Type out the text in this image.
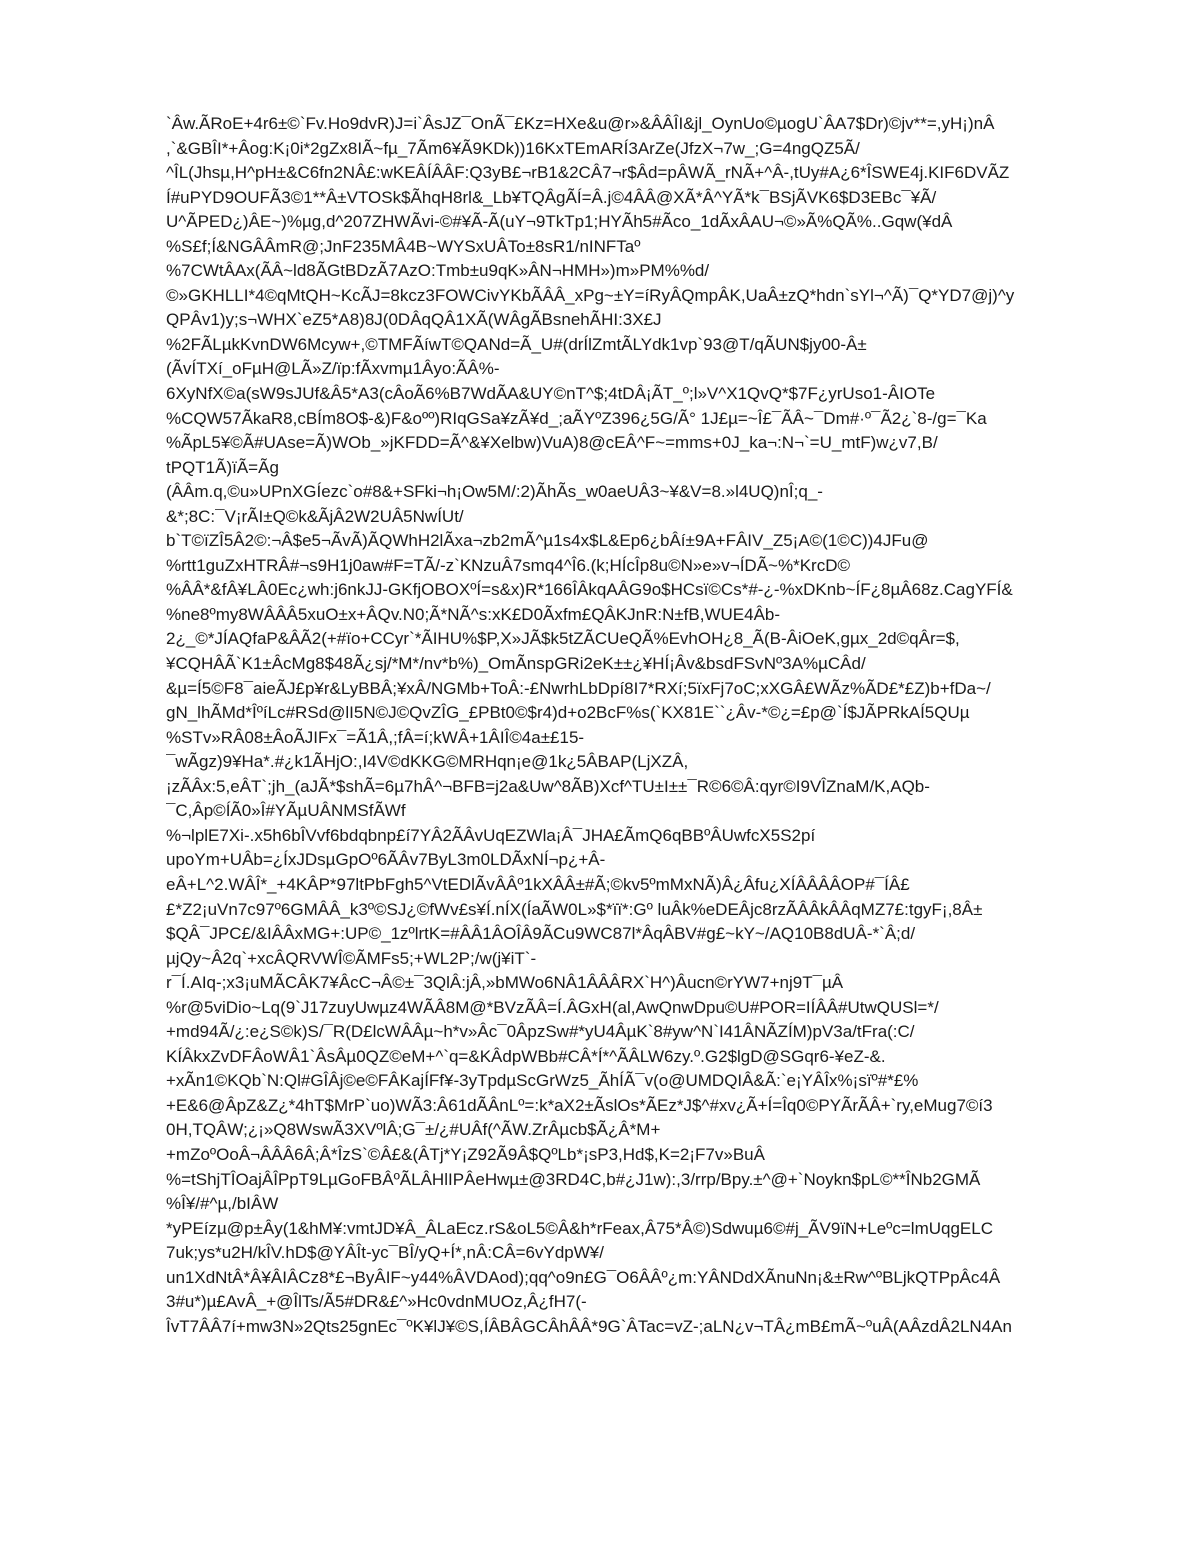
`Âw.ÃRoE+4r6±©`Fv.Ho9dvR)J=i`ÂsJZ¯OnÃ¯£Kz=HXe&u@r»&ÂÂÎI&jl_OynUo©µogU`ÂA7$Dr)©jv**=,yH¡)nÂ
,`&GBÎI*+Âog:K¡0i*2gZx8IÃ~fµ_7Ãm6¥Ã9KDk))16KxTEmARÍ3ArZe(JfzX¬7w_;G=4ngQZ5Ã/
^ÎL(Jhsµ,H^pH±&C6fn2NÂ£:wKEÂÍÂÂF:Q3yB£¬rB1&2CÂ7¬r$Âd=pÂWÃ_rNÃ+^Â-,tUy#A¿6*ÎSWE4j.KIF6DVÃZ
Í#uPYD9OUFÃ3©1**Â±VTOSk$ÃhqH8rl&_Lb¥TQÂgÃÍ=Â.j©4ÂÂ@XÃ*Â^YÃ*k¯BSjÃVK6$D3EBc¯¥Ã/
U^ÃPED¿)ÂE~)%µg,d^207ZHWÃvi-©#¥Ã-Ã(uY¬9TkTp1;HYÃh5#Ãco_1dÃxÂAU¬©»Ã%QÃ%..Gqw(¥dÂ
%S£f;Í&NGÂÂmR@;JnF235MÂ4B~WYSxUÂTo±8sR1/nINFTaº
%7CWtÂAx(ÃÂ~ld8ÃGtBDzÃ7AzO:Tmb±u9qK»ÂN¬HMH»)m»PM%%d/
©»GKHLLI*4©qMtQH~KcÃJ=8kcz3FOWCivYKbÃÂÂ_xPg~±Y=íRyÂQmpÂK,UaÂ±zQ*hdn`sYl¬^Ã)¯Q*YD7@j)^y
QPÂv1)y;s¬WHX`eZ5*A8)8J(0DÂqQÂ1XÃ(WÂgÃBsnehÃHI:3X£J
%2FÃLµkKvnDW6Mcyw+,©TMFÃíwT©QANd=Ã_U#(drÍlZmtÃLYdk1vp`93@T/qÃUN$jy00-Â±
(ÃvÍTXí_oFµH@LÃ»Z/ïp:fÃxvmµ1Âyo:ÃÂ%-
6XyNfX©a(sW9sJUf&Â5*A3(cÂoÃ6%B7WdÃA&UY©nT^$;4tDÂ¡ÃT_º;l»V^X1QvQ*$7F¿yrUso1-ÂIOTe
%CQW57ÃkaR8,cBÍm8O$-&)F&oºº)RIqGSa¥zÃ¥d_;aÃYºZ396¿5G/Ã° 1J£µ=~Î£¯ÃÂ~¯Dm#·º¯Ã2¿`8-/g=¯Ka
%ÃpL5¥©Ã#UAse=Ã)WOb_»jKFDD=Ã^&¥Xelbw)VuA)8@cEÂ^F~=mms+0J_ka¬:N¬`=U_mtF)w¿v7,B/
tPQT1Ã)ïÃ=Ãg
(ÂÂm.q,©u»UPnXGÍezc`o#8&+SFki¬h¡Ow5M/:2)ÃhÃs_w0aeUÂ3~¥&V=8.»l4UQ)nÎ;q_-
&*;8C:¯V¡rÃI±Q©k&ÃjÂ2W2UÂ5NwÍUt/
b`T©ïZÎ5Â2©:¬Â$e5¬ÃvÃ)ÃQWhH2lÃxa¬zb2mÃ^µ1s4x$L&Ep6¿bÂí±9A+FÂIV_Z5¡A©(1©C))4JFu@
%rtt1guZxHTRÂ#¬s9H1j0aw#F=TÃ/-z`KNzuÂ7smq4^Î6.(k;HÍcÎp8u©N»e»v¬ÍDÃ~%*KrcD©
%ÂÂ*&fÂ¥LÂ0Ec¿wh:j6nkJJ-GKfjOBOXºÍ=s&x)R*166ÎÂkqAÂG9o$HCsï©Cs*#-¿-%xDKnb~ÍF¿8µÂ68z.CagYFÍ&
%ne8ºmy8WÂÂÂ5xuO±x+ÂQv.N0;Ã*NÃ^s:xK£D0Ãxfm£QÂKJnR:N±fB,WUE4Âb-
2¿_©*JÍAQfaP&ÂÃ2(+#ïo+CCyr`*ÃIHU%$P,X»JÃ$k5tZÃCUeQÃ%EvhOH¿8_Ã(B-ÂiOeK,gµx_2d©qÂr=$,
¥CQHÂÃ`K1±ÂcMg8$48Ã¿sj/*M*/nv*b%)_OmÃnspGRi2eK±±¿¥HÍ¡Âv&bsdFSvNº3A%µCÂd/
&µ=Í5©F8¯aieÃJ£p¥r&LyBBÂ;¥xÂ/NGMb+ToÂ:-£NwrhLbDpí8I7*RXí;5ïxFj7oC;xXGÂ£WÃz%ÃD£*£Z)b+fDa~/
gN_lhÃMd*ÎºíLc#RSd@lI5N©J©QvZÎG_£PBt0©$r4)d+o2BcF%s(`KX81E``¿Âv-*©¿=£p@`Í$JÃPRkAÍ5QUµ
%STv»RÂ08±ÂoÃJIFx¯=Ã1Â,;fÂ=í;kWÂ+1ÂIÎ©4a±£15-
¯wÃgz)9¥Ha*.#¿k1ÃHjO:,I4V©dKKG©MRHqn¡e@1k¿5ÂBAP(LjXZÂ,
¡zÃÂx:5,eÂT`;jh_(aJÃ*$shÃ=6µ7hÂ^¬BFB=j2a&Uw^8ÃB)Xcf^TU±I±±¯R©6©Â:qyr©I9VÎZnaM/K,AQb-
¯C,Âp©ÍÃ0»Î#YÃµUÂNMSfÃWf
%¬lplE7Xi-.x5h6bÎVvf6bdqbnp£í7YÂ2ÃÂvUqEZWla¡Â¯JHA£ÃmQ6qBBºÂUwfcX5S2pí
upoYm+UÂb=¿ÍxJDsµGpOº6ÃÂv7ByL3m0LDÃxNÍ¬p¿+Â-
eÂ+L^2.WÂÎ*_+4KÂP*97ltPbFgh5^VtEDlÃvÂÂº1kXÂÂ±#Ã;©kv5ºmMxNÃ)Â¿Âfu¿XÍÂÂÂÂOP#¯ÍÂ£
£*Z2¡uVn7c97º6GMÂÂ_k3º©SJ¿©fWv£s¥Í.nÍX(ÍaÃW0L»$*ïï*:Gº luÂk%eDEÂjc8rzÃÂÂkÂÂqMZ7£:tgyF¡,8Â±
$QÂ¯JPC£/&IÂÂxMG+:UP©_1zºlrtK=#ÂÂ1ÂOÎÂ9ÃCu9WC87l*ÂqÂBV#g£~kY~/AQ10B8dUÂ-*`Â;d/
µjQy~Â2q`+xcÂQRVWÎ©ÃMFs5;+WL2P;/w(j¥iT`-
r¯Í.AIq-;x3¡uMÃCÂK7¥ÂcC¬Â©±¯3QlÂ:jÂ,»bMWo6NÂ1ÂÂÂRX`H^)Âucn©rYW7+nj9T¯µÂ
%r@5viDio~Lq(9`J17zuyUwµz4WÃÂ8M@*BVzÃÂ=Í.ÂGxH(al,AwQnwDpu©U#POR=IÍÂÂ#UtwQUSl=*/
+md94Ã/¿:e¿S©k)S/¯R(D£lcWÂÂµ~h*v»Âc¯0ÂpzSw#*yU4ÂµK`8#yw^N`I41ÂNÃZÍM)pV3a/tFra(:C/
KÍÂkxZvDFÂoWÂ1`ÂsÂµ0QZ©eM+^`q=&KÂdpWBb#CÂ*Í*^ÃÂLW6zy.º.G2$lgD@SGqr6-¥eZ-&.
+xÃn1©KQb`N:Ql#GÎÂj©e©FÂKajÍFf¥-3yTpdµScGrWz5_ÃhÍÃ¯v(o@UMDQIÂ&Ã:`e¡YÂÎx%¡sïº#*£%
+E&6@ÂpZ&Z¿*4hT$MrP`uo)WÃ3:Â61dÃÂnLº=:k*aX2±ÃslOs*ÃEz*J$^#xv¿Ã+Í=Îq0©PYÃrÃÂ+`ry,eMug7©í3
0H,TQÂW;¿¡»Q8WswÃ3XVºlÂ;G¯±/¿#UÂf(^ÃW.ZrÂµcb$Ã¿Â*M+
+mZoºOoÂ¬ÂÂÂ6Â;Â*ÎzS`©Â£&(ÂTj*Y¡Z92Ã9Â$QºLb*¡sP3,Hd$,K=2¡F7v»BuÂ
%=tShjTÎOajÂÎPpT9LµGoFBÂºÃLÂHlIPÂeHwµ±@3RD4C,b#¿J1w):,3/rrp/Bpy.±^@+`Noykn$pL©**ÎNb2GMÃ
%Î¥/#^µ,/bIÂW
*yPEízµ@p±Ây(1&hM¥:vmtJD¥Â_ÂLaEcz.rS&oL5©Â&h*rFeax,Â75*Â©)Sdwuµ6©#j_ÃV9ïN+Leºc=lmUqgELC
7uk;ys*u2H/kÎV.hD$@YÂÎt-yc¯BÎ/yQ+Í*,nÂ:CÂ=6vYdpW¥/
un1XdNtÂ*Â¥ÂIÂCz8*£¬ByÂIF~y44%ÂVDAod);qq^o9n£G¯O6ÂÂº¿m:YÂNDdXÃnuNn¡&±Rw^ºBLjkQTPpÂc4Â
3#u*)µ£AvÂ_+@ÎlTs/Ã5#DR&£^»Hc0vdnMUOz,Â¿fH7(-
ÎvT7ÂÂ7í+mw3N»2Qts25gnEc¯ºK¥lJ¥©S,ÍÂBÂGCÂhÂÂ*9G`ÂTac=vZ-;aLN¿v¬TÂ¿mB£mÃ~ºuÂ(AÂzdÂ2LN4An
